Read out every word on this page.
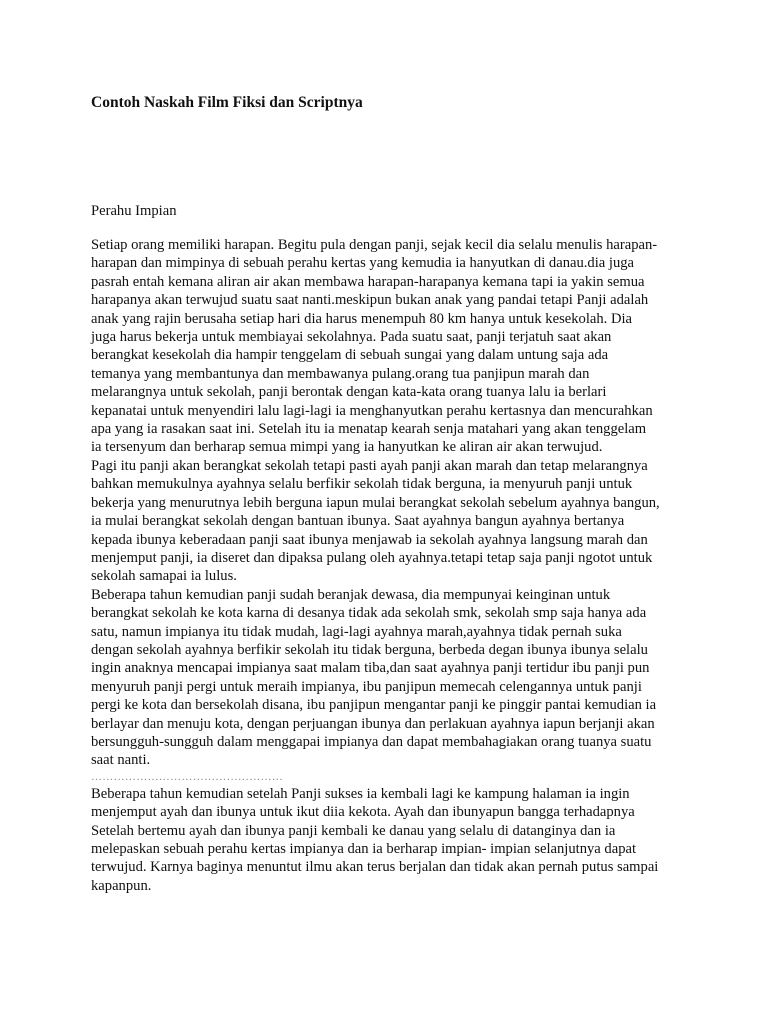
Contoh Naskah Film Fiksi dan Scriptnya

Perahu Impian

Setiap orang memiliki harapan. Begitu pula dengan panji, sejak kecil dia selalu menulis harapan-
harapan dan mimpinya di sebuah perahu kertas yang kemudia ia hanyutkan di danau.dia juga
pasrah entah kemana aliran air akan membawa harapan-harapanya kemana tapi ia yakin semua
harapanya akan terwujud suatu saat nanti.meskipun bukan anak yang pandai tetapi Panji adalah
anak yang rajin berusaha setiap hari dia harus menempuh 80 km hanya untuk kesekolah. Dia
juga harus bekerja untuk membiayai sekolahnya. Pada suatu saat, panji terjatuh saat akan
berangkat kesekolah dia hampir tenggelam di sebuah sungai yang dalam untung saja ada
temanya yang membantunya dan membawanya pulang.orang tua panjipun marah dan
melarangnya untuk sekolah, panji berontak dengan kata-kata orang tuanya lalu ia berlari
kepanatai untuk menyendiri lalu lagi-lagi ia menghanyutkan perahu kertasnya dan mencurahkan
apa yang ia rasakan saat ini. Setelah itu ia menatap kearah senja matahari yang akan tenggelam
ia tersenyum dan berharap semua mimpi yang ia hanyutkan ke aliran air akan terwujud.

Pagi itu panji akan berangkat sekolah tetapi pasti ayah panji akan marah dan tetap melarangnya
bahkan memukulnya ayahnya selalu berfikir sekolah tidak berguna, ia menyuruh panji untuk
bekerja yang menurutnya lebih berguna iapun mulai berangkat sekolah sebelum ayahnya bangun,
ia mulai berangkat sekolah dengan bantuan ibunya. Saat ayahnya bangun ayahnya bertanya
kepada ibunya keberadaan panji saat ibunya menjawab ia sekolah ayahnya langsung marah dan
menjemput panji, ia diseret dan dipaksa pulang oleh ayahnya.tetapi tetap saja panji ngotot untuk
sekolah samapai ia lulus.

Beberapa tahun kemudian panji sudah beranjak dewasa, dia mempunyai keinginan untuk
berangkat sekolah ke kota karna di desanya tidak ada sekolah smk, sekolah smp saja hanya ada
satu, namun impianya itu tidak mudah, lagi-lagi ayahnya marah,ayahnya tidak pernah suka
dengan sekolah ayahnya berfikir sekolah itu tidak berguna, berbeda degan ibunya ibunya selalu
ingin anaknya mencapai impianya saat malam tiba,dan saat ayahnya panji tertidur ibu panji pun
menyuruh panji pergi untuk meraih impianya, ibu panjipun memecah celengannya untuk panji
pergi ke kota dan bersekolah disana, ibu panjipun mengantar panji ke pinggir pantai kemudian ia
berlayar dan menuju kota, dengan perjuangan ibunya dan perlakuan ayahnya iapun berjanji akan
bersungguh-sungguh dalam menggapai impianya dan dapat membahagiakan orang tuanya suatu
saat nanti.

……………………………………………

Beberapa tahun kemudian setelah Panji sukses ia kembali lagi ke kampung halaman ia ingin
menjemput ayah dan ibunya untuk ikut diia kekota. Ayah dan ibunyapun bangga terhadapnya
Setelah bertemu ayah dan ibunya panji kembali ke danau yang selalu di datanginya dan ia
melepaskan sebuah perahu kertas impianya dan ia berharap impian- impian selanjutnya dapat
terwujud. Karnya baginya menuntut ilmu akan terus berjalan dan tidak akan pernah putus sampai
kapanpun.
